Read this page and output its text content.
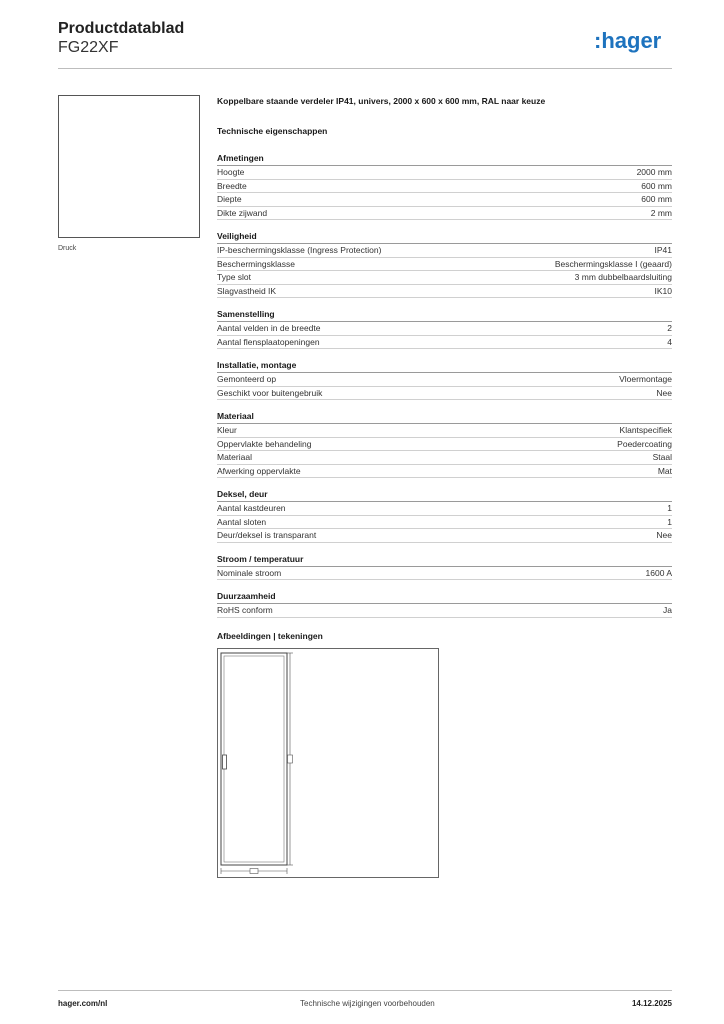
Productdatablad
FG22XF	:hager
Druck
Koppelbare staande verdeler IP41, univers, 2000 x 600 x 600 mm, RAL naar keuze
Technische eigenschappen
Afmetingen
Hoogte	2000 mm
Breedte	600 mm
Diepte	600 mm
Dikte zijwand	2 mm
Veiligheid
IP-beschermingsklasse (Ingress Protection)	IP41
Beschermingsklasse	Beschermingsklasse I (geaard)
Type slot	3 mm dubbelbaardsluiting
Slagvastheid IK	IK10
Samenstelling
Aantal velden in de breedte	2
Aantal flensplaatopeningen	4
Installatie, montage
Gemonteerd op	Vloermontage
Geschikt voor buitengebruik	Nee
Materiaal
Kleur	Klantspecifiek
Oppervlakte behandeling	Poedercoating
Materiaal	Staal
Afwerking oppervlakte	Mat
Deksel, deur
Aantal kastdeuren	1
Aantal sloten	1
Deur/deksel is transparant	Nee
Stroom / temperatuur
Nominale stroom	1600 A
Duurzaamheid
RoHS conform	Ja
Afbeeldingen | tekeningen
hager.com/nl	Technische wijzigingen voorbehouden	14.12.2025
